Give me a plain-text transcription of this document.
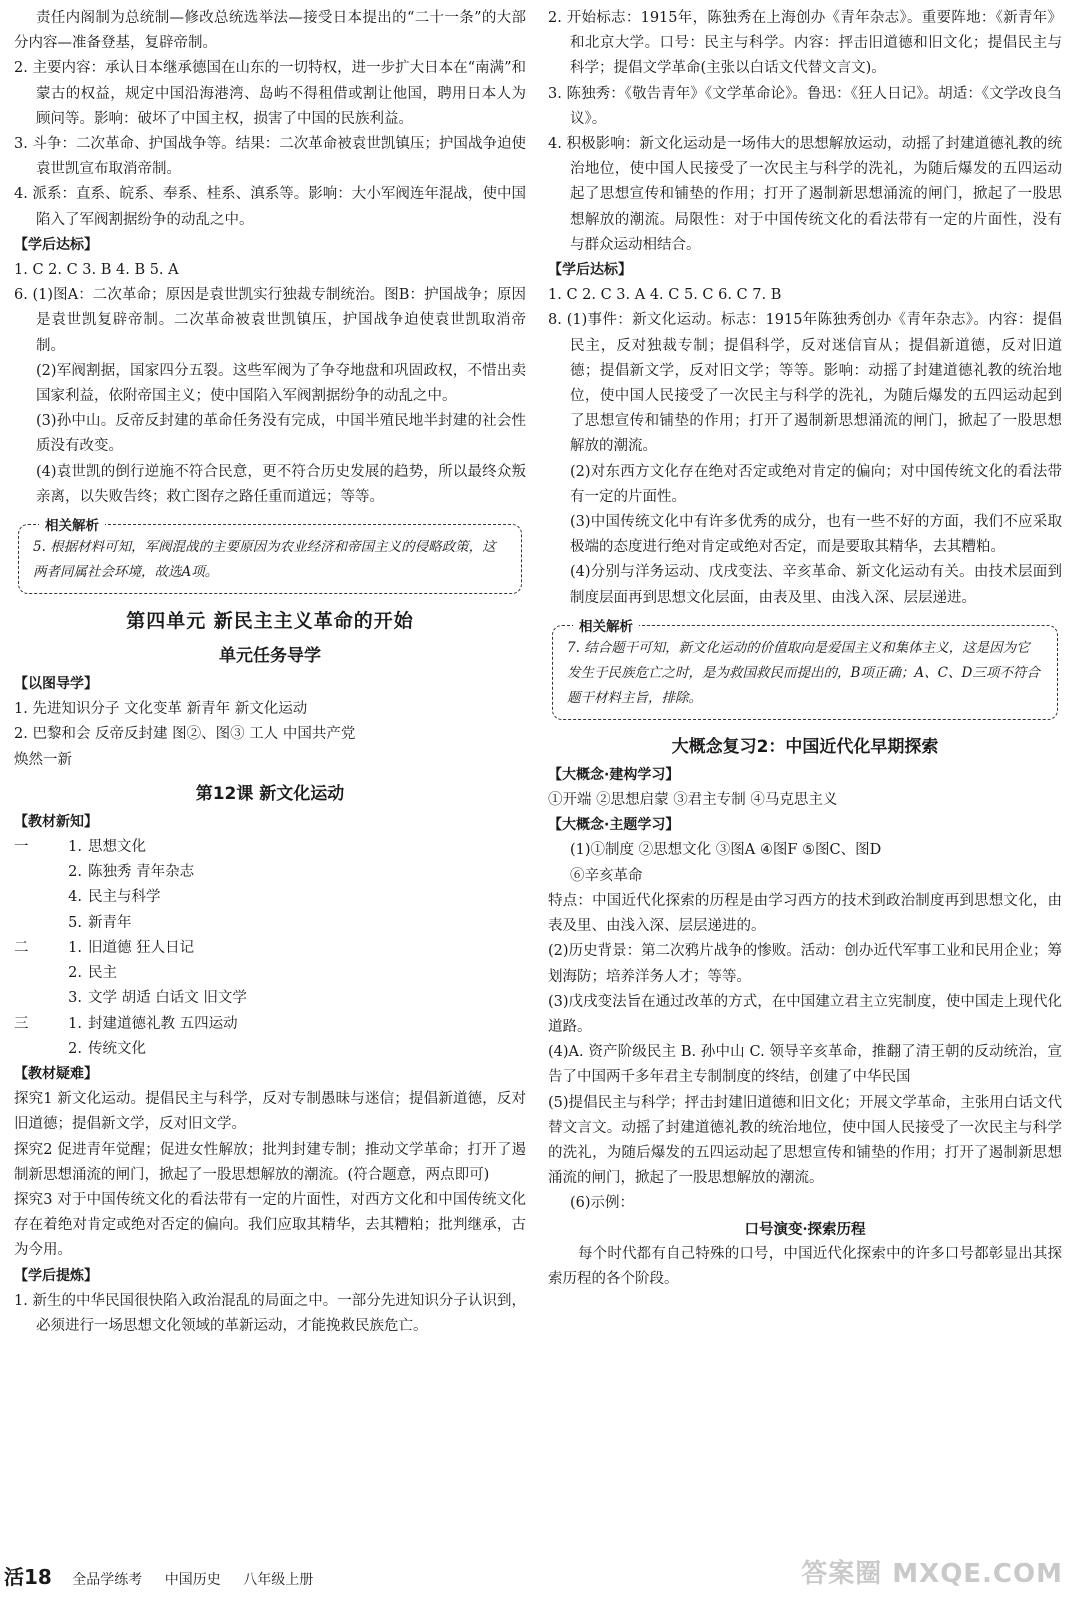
责任内阁制为总统制—修改总统选举法—接受日本提出的“二十一条”的大部分内容—准备登基，复辟帝制。

2. 主要内容：承认日本继承德国在山东的一切特权，进一步扩大日本在“南满”和蒙古的权益，规定中国沿海港湾、岛屿不得租借或割让他国，聘用日本人为顾问等。影响：破坏了中国主权，损害了中国的民族利益。

3. 斗争：二次革命、护国战争等。结果：二次革命被袁世凯镇压；护国战争迫使袁世凯宣布取消帝制。

4. 派系：直系、皖系、奉系、桂系、滇系等。影响：大小军阀连年混战，使中国陷入了军阀割据纷争的动乱之中。

【学后达标】

1. C 2. C 3. B 4. B 5. A

6. (1)图A：二次革命；原因是袁世凯实行独裁专制统治。图B：护国战争；原因是袁世凯复辟帝制。二次革命被袁世凯镇压，护国战争迫使袁世凯取消帝制。

(2)军阀割据，国家四分五裂。这些军阀为了争夺地盘和巩固政权，不惜出卖国家利益，依附帝国主义；使中国陷入军阀割据纷争的动乱之中。

(3)孙中山。反帝反封建的革命任务没有完成，中国半殖民地半封建的社会性质没有改变。

(4)袁世凯的倒行逆施不符合民意，更不符合历史发展的趋势，所以最终众叛亲离，以失败告终；救亡图存之路任重而道远；等等。

相关解析
5. 根据材料可知，军阀混战的主要原因为农业经济和帝国主义的侵略政策，这两者同属社会环境，故选A项。
第四单元 新民主主义革命的开始
单元任务导学

【以图导学】

1. 先进知识分子 文化变革 新青年 新文化运动

2. 巴黎和会 反帝反封建 图②、图③ 工人 中国共产党

焕然一新

第12课 新文化运动

【教材新知】

一	1. 思想文化
2. 陈独秀 青年杂志
4. 民主与科学
5. 新青年
二	1. 旧道德 狂人日记
2. 民主
3. 文学 胡适 白话文 旧文学
三	1. 封建道德礼教 五四运动
2. 传统文化

【教材疑难】

探究1 新文化运动。提倡民主与科学，反对专制愚昧与迷信；提倡新道德，反对旧道德；提倡新文学，反对旧文学。

探究2 促进青年觉醒；促进女性解放；批判封建专制；推动文学革命；打开了遏制新思想涌流的闸门，掀起了一股思想解放的潮流。(符合题意，两点即可)

探究3 对于中国传统文化的看法带有一定的片面性，对西方文化和中国传统文化存在着绝对肯定或绝对否定的偏向。我们应取其精华，去其糟粕；批判继承，古为今用。

【学后提炼】

1. 新生的中华民国很快陷入政治混乱的局面之中。一部分先进知识分子认识到，必须进行一场思想文化领域的革新运动，才能挽救民族危亡。

2. 开始标志：1915年，陈独秀在上海创办《青年杂志》。重要阵地：《新青年》和北京大学。口号：民主与科学。内容：抨击旧道德和旧文化；提倡民主与科学；提倡文学革命(主张以白话文代替文言文)。

3. 陈独秀：《敬告青年》《文学革命论》。鲁迅：《狂人日记》。胡适：《文学改良刍议》。

4. 积极影响：新文化运动是一场伟大的思想解放运动，动摇了封建道德礼教的统治地位，使中国人民接受了一次民主与科学的洗礼，为随后爆发的五四运动起了思想宣传和铺垫的作用；打开了遏制新思想涌流的闸门，掀起了一股思想解放的潮流。局限性：对于中国传统文化的看法带有一定的片面性，没有与群众运动相结合。

【学后达标】

1. C 2. C 3. A 4. C 5. C 6. C 7. B

8. (1)事件：新文化运动。标志：1915年陈独秀创办《青年杂志》。内容：提倡民主，反对独裁专制；提倡科学，反对迷信盲从；提倡新道德，反对旧道德；提倡新文学，反对旧文学；等等。影响：动摇了封建道德礼教的统治地位，使中国人民接受了一次民主与科学的洗礼，为随后爆发的五四运动起到了思想宣传和铺垫的作用；打开了遏制新思想涌流的闸门，掀起了一股思想解放的潮流。

(2)对东西方文化存在绝对否定或绝对肯定的偏向；对中国传统文化的看法带有一定的片面性。

(3)中国传统文化中有许多优秀的成分，也有一些不好的方面，我们不应采取极端的态度进行绝对肯定或绝对否定，而是要取其精华，去其糟粕。

(4)分别与洋务运动、戊戌变法、辛亥革命、新文化运动有关。由技术层面到制度层面再到思想文化层面，由表及里、由浅入深、层层递进。

相关解析
7. 结合题干可知，新文化运动的价值取向是爱国主义和集体主义，这是因为它发生于民族危亡之时，是为救国救民而提出的，B项正确；A、C、D三项不符合题干材料主旨，排除。
大概念复习2：中国近代化早期探索

【大概念·建构学习】

①开端 ②思想启蒙 ③君主专制 ④马克思主义

【大概念·主题学习】

(1)①制度 ②思想文化 ③图A ④图F ⑤图C、图D

⑥辛亥革命

特点：中国近代化探索的历程是由学习西方的技术到政治制度再到思想文化，由表及里、由浅入深、层层递进的。

(2)历史背景：第二次鸦片战争的惨败。活动：创办近代军事工业和民用企业；筹划海防；培养洋务人才；等等。

(3)戊戌变法旨在通过改革的方式，在中国建立君主立宪制度，使中国走上现代化道路。

(4)A. 资产阶级民主 B. 孙中山 C. 领导辛亥革命，推翻了清王朝的反动统治，宣告了中国两千多年君主专制制度的终结，创建了中华民国

(5)提倡民主与科学；抨击封建旧道德和旧文化；开展文学革命，主张用白话文代替文言文。动摇了封建道德礼教的统治地位，使中国人民接受了一次民主与科学的洗礼，为随后爆发的五四运动起了思想宣传和铺垫的作用；打开了遏制新思想涌流的闸门，掀起了一股思想解放的潮流。

(6)示例：

口号演变·探索历程

每个时代都有自己特殊的口号，中国近代化探索中的许多口号都彰显出其探索历程的各个阶段。

活18 全品学练考 中国历史 八年级上册	答案圈 MXQE.COM
